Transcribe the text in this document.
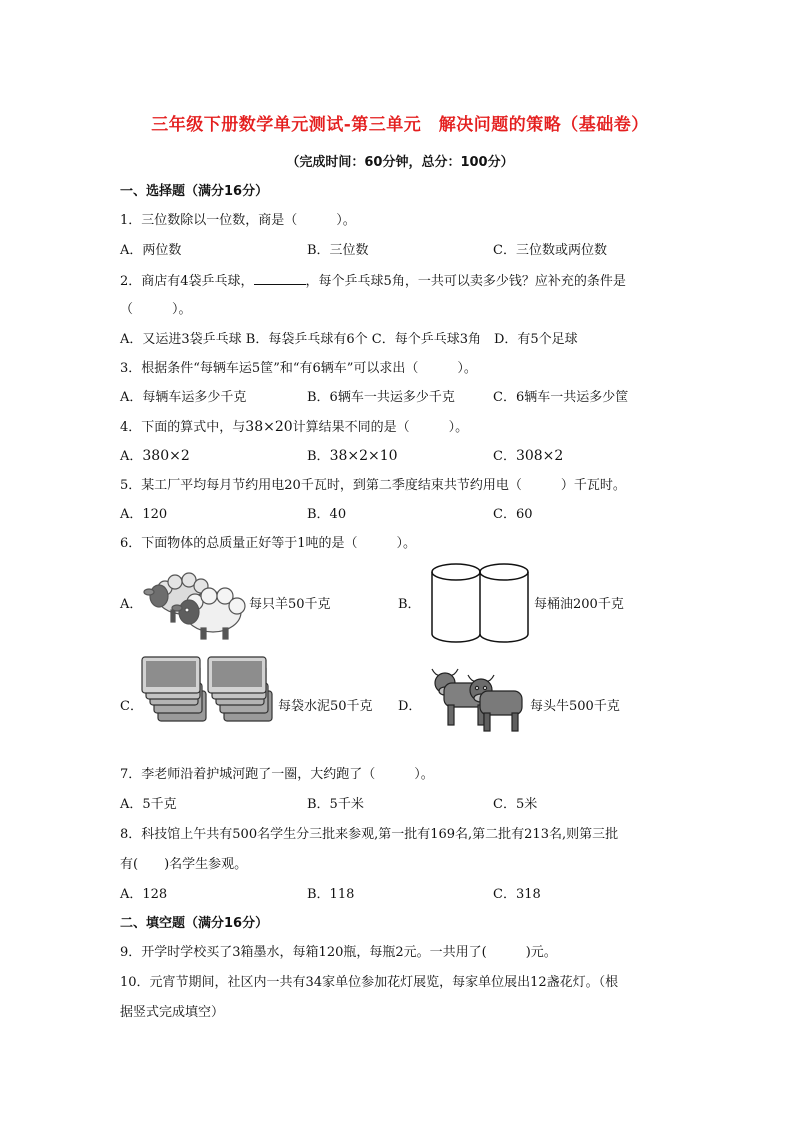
三年级下册数学单元测试-第三单元　解决问题的策略（基础卷）
（完成时间：60分钟，总分：100分）
一、选择题（满分16分）
1．三位数除以一位数，商是（　　　）。
A．两位数	B．三位数	C．三位数或两位数
2．商店有4袋乒乓球，	，每个乒乓球5角，一共可以卖多少钱？应补充的条件是
（　　　）。
A．又运进3袋乒乓球 B．每袋乒乓球有6个 C．每个乒乓球3角　D．有5个足球
3．根据条件“每辆车运5筐”和“有6辆车”可以求出（　　　）。
A．每辆车运多少千克	B．6辆车一共运多少千克	C．6辆车一共运多少筐
4．下面的算式中，与38×20计算结果不同的是（　　　）。
A．380×2	B．38×2×10	C．308×2
5．某工厂平均每月节约用电20千瓦时，到第二季度结束共节约用电（　　　）千瓦时。
A．120	B．40	C．60
6．下面物体的总质量正好等于1吨的是（　　　）。
A．	每只羊50千克	B．	每桶油200千克
C．	每袋水泥50千克 D．	每头牛500千克
7．李老师沿着护城河跑了一圈，大约跑了（　　　）。
A．5千克	B．5千米	C．5米
8．科技馆上午共有500名学生分三批来参观,第一批有169名,第二批有213名,则第三批
有(　　)名学生参观。
A．128	B．118	C．318
二、填空题（满分16分）
9．开学时学校买了3箱墨水，每箱120瓶，每瓶2元。一共用了(　　　)元。
10．元宵节期间，社区内一共有34家单位参加花灯展览，每家单位展出12盏花灯。（根
据竖式完成填空）
